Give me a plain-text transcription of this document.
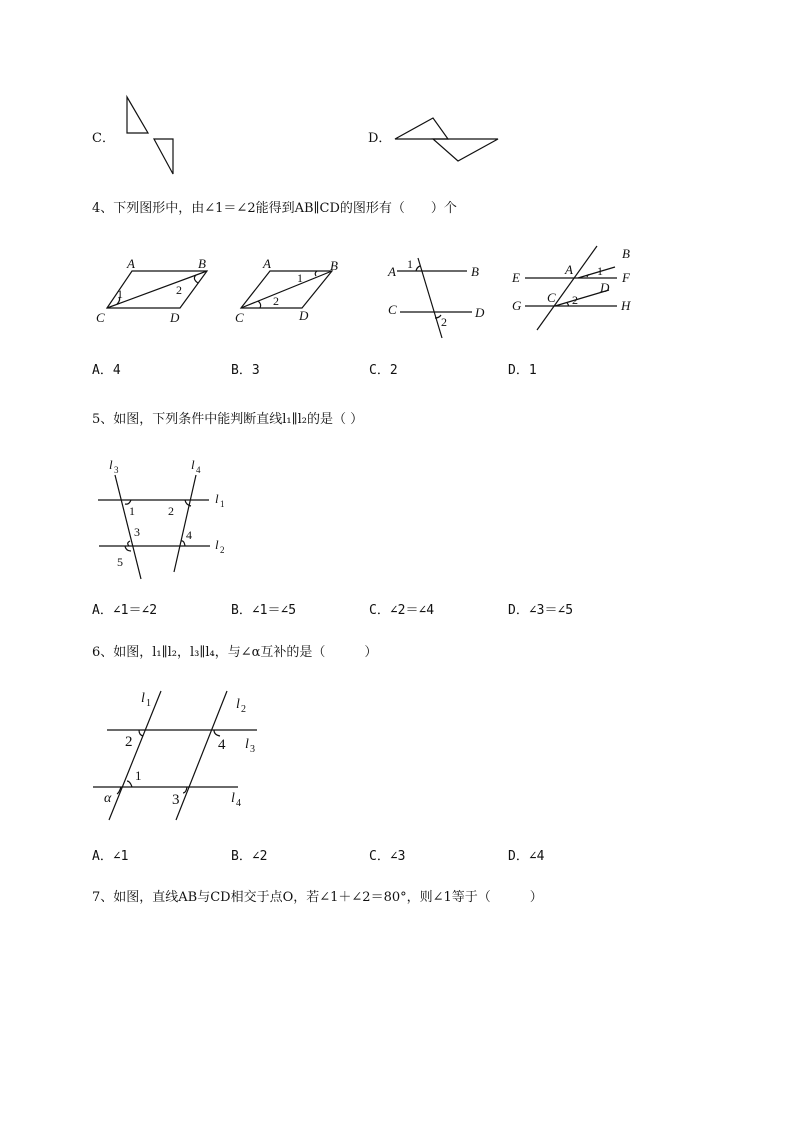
C．	D．
4、下列图形中，由∠1＝∠2能得到AB∥CD的图形有（　　）个
A	B
C	D
1	2
A	B
C	D
1
2
A	B
C	D
1
2
A
B
E	F
C
D
G	H
1
2
A．4	B．3	C．2	D．1
5、如图，下列条件中能判断直线l₁∥l₂的是（ ）
l 3	l 4
l 1
l 2
1	2
3	4
5
A．∠1＝∠2	B．∠1＝∠5	C．∠2＝∠4	D．∠3＝∠5
6、如图，l₁∥l₂，l₃∥l₄，与∠α互补的是（　　　）
l 1	l 2
l 3
l 4
2	4
1
α	3
A．∠1	B．∠2	C．∠3	D．∠4
7、如图，直线AB与CD相交于点O，若∠1＋∠2＝80°，则∠1等于（　　　）
